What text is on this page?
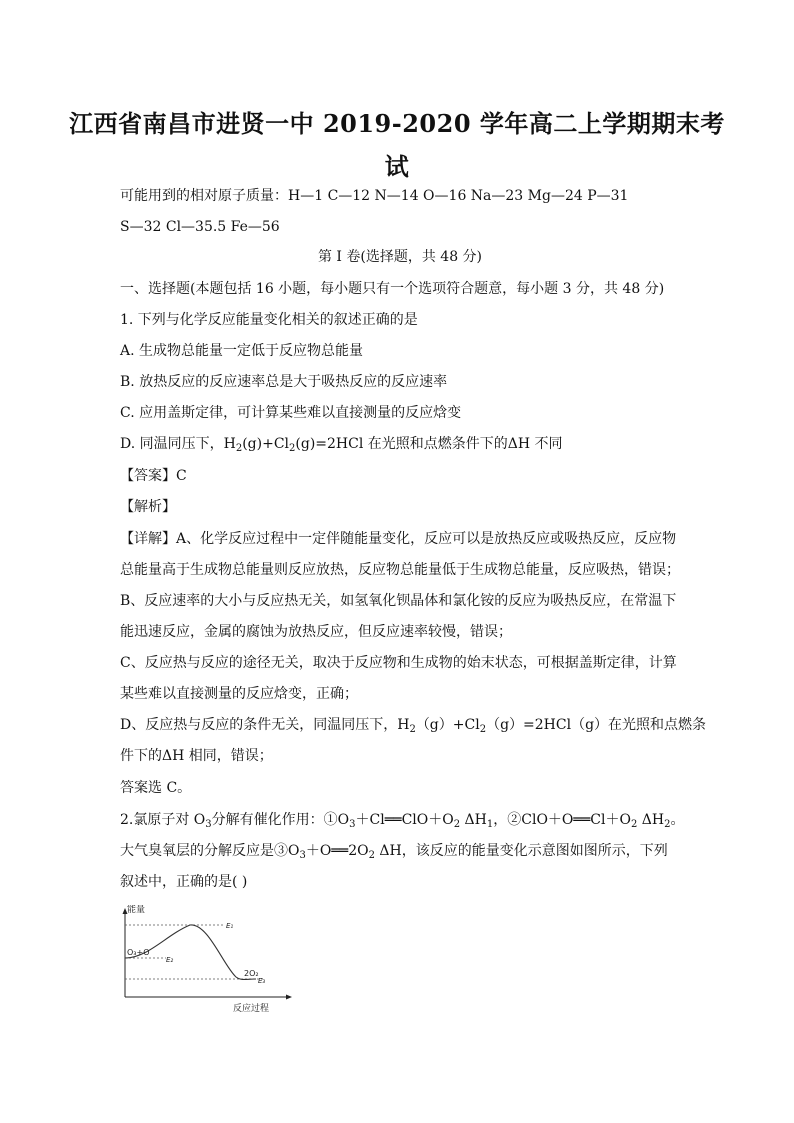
江西省南昌市进贤一中 2019-2020 学年高二上学期期末考
试
可能用到的相对原子质量：H—1 C—12 N—14 O—16 Na—23 Mg—24 P—31
S—32 Cl—35.5 Fe—56
第 I 卷(选择题，共 48 分)
一、选择题(本题包括 16 小题，每小题只有一个选项符合题意，每小题 3 分，共 48 分)
1. 下列与化学反应能量变化相关的叙述正确的是
A. 生成物总能量一定低于反应物总能量
B. 放热反应的反应速率总是大于吸热反应的反应速率
C. 应用盖斯定律，可计算某些难以直接测量的反应焓变
D. 同温同压下，$H_2(g)+Cl_2(g)=2HCl$ 在光照和点燃条件下的ΔH 不同
【答案】C
【解析】
【详解】A、化学反应过程中一定伴随能量变化，反应可以是放热反应或吸热反应，反应物
总能量高于生成物总能量则反应放热，反应物总能量低于生成物总能量，反应吸热，错误；
B、反应速率的大小与反应热无关，如氢氧化钡晶体和氯化铵的反应为吸热反应，在常温下
能迅速反应，金属的腐蚀为放热反应，但反应速率较慢，错误；
C、反应热与反应的途径无关，取决于反应物和生成物的始末状态，可根据盖斯定律，计算
某些难以直接测量的反应焓变，正确；
D、反应热与反应的条件无关，同温同压下，$H_2(g)+Cl_2(g)=2HCl(g)$在光照和点燃条
件下的ΔH 相同，错误；
答案选 C。
2.氯原子对 $O_3$分解有催化作用：$①O_3+Cl══ClO+O_2$ $\Delta H_1$，$②ClO+O══Cl+O_2$ $\Delta H_2$。
大气臭氧层的分解反应是$③O_3+O══2O_2$ ΔH，该反应的能量变化示意图如图所示，下列
叙述中，正确的是( )
能量
反应过程
E₁
E₂
E₃
O₃+O
2O₂
